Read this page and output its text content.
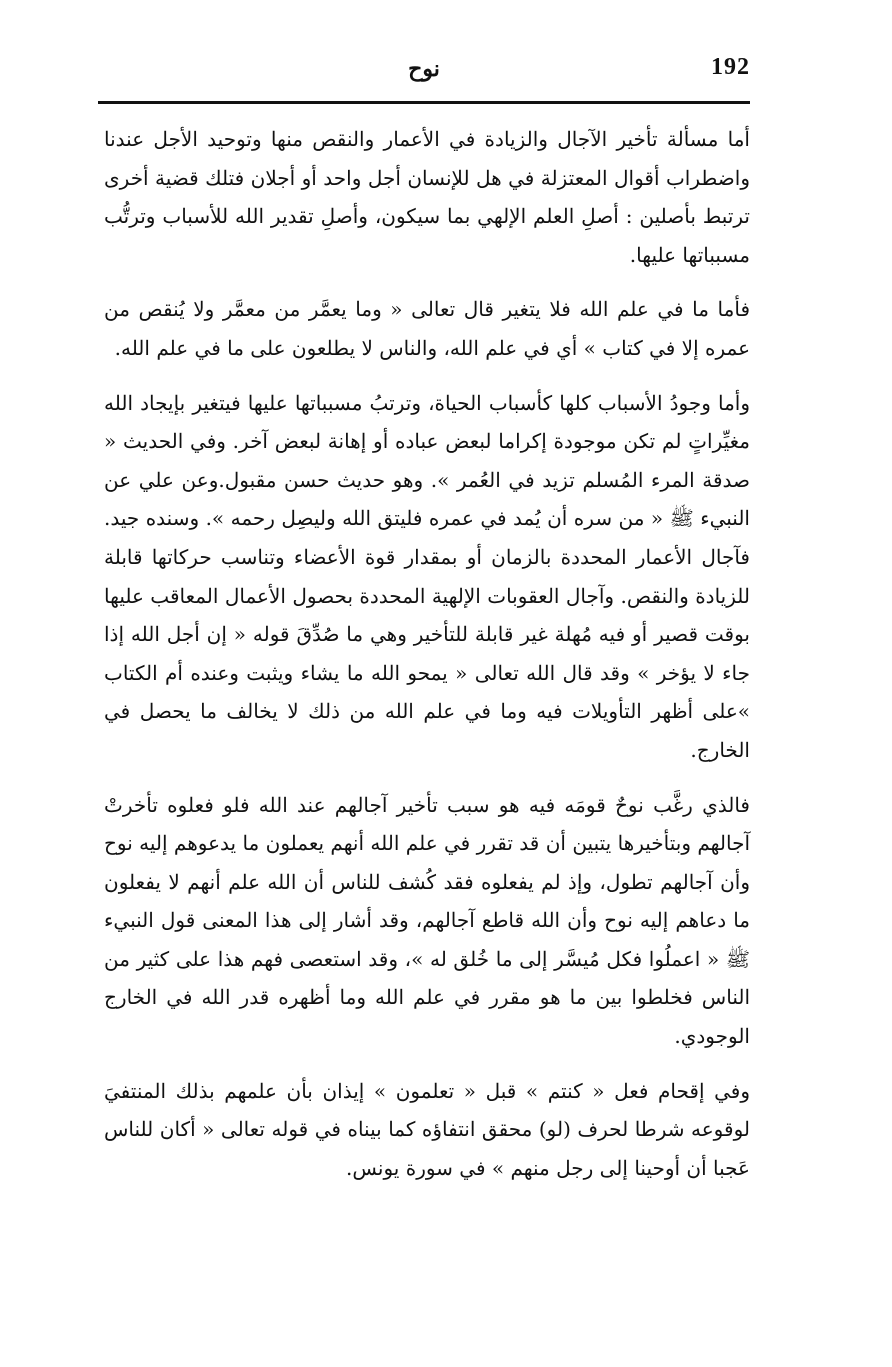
192
نوح

أما مسألة تأخير الآجال والزيادة في الأعمار والنقص منها وتوحيد الأجل عندنا واضطراب أقوال المعتزلة في هل للإنسان أجل واحد أو أجلان فتلك قضية أخرى ترتبط بأصلين : أصلِ العلم الإلهي بما سيكون، وأصلِ تقدير الله للأسباب وترتُّب مسبباتها عليها.

فأما ما في علم الله فلا يتغير قال تعالى « وما يعمَّر من معمَّر ولا يُنقص من عمره إلا في كتاب » أي في علم الله، والناس لا يطلعون على ما في علم الله.

وأما وجودُ الأسباب كلها كأسباب الحياة، وترتبُ مسبباتها عليها فيتغير بإيجاد الله مغيِّراتٍ لم تكن موجودة إكراما لبعض عباده أو إهانة لبعض آخر. وفي الحديث « صدقة المرء المُسلم تزيد في العُمر ». وهو حديث حسن مقبول.وعن علي عن النبيء ﷺ « من سره أن يُمد في عمره فليتق الله وليصِل رحمه ». وسنده جيد. فآجال الأعمار المحددة بالزمان أو بمقدار قوة الأعضاء وتناسب حركاتها قابلة للزيادة والنقص. وآجال العقوبات الإلهية المحددة بحصول الأعمال المعاقب عليها بوقت قصير أو فيه مُهلة غير قابلة للتأخير وهي ما صُدِّقَ قوله « إن أجل الله إذا جاء لا يؤخر » وقد قال الله تعالى « يمحو الله ما يشاء ويثبت وعنده أم الكتاب »على أظهر التأويلات فيه وما في علم الله من ذلك لا يخالف ما يحصل في الخارج.

فالذي رغَّب نوحٌ قومَه فيه هو سبب تأخير آجالهم عند الله فلو فعلوه تأخرتْ آجالهم وبتأخيرها يتبين أن قد تقرر في علم الله أنهم يعملون ما يدعوهم إليه نوح وأن آجالهم تطول، وإذ لم يفعلوه فقد كُشف للناس أن الله علم أنهم لا يفعلون ما دعاهم إليه نوح وأن الله قاطع آجالهم، وقد أشار إلى هذا المعنى قول النبيء ﷺ « اعملُوا فكل مُيسَّر إلى ما خُلق له »، وقد استعصى فهم هذا على كثير من الناس فخلطوا بين ما هو مقرر في علم الله وما أظهره قدر الله في الخارج الوجودي.

وفي إقحام فعل « كنتم » قبل « تعلمون » إيذان بأن علمهم بذلك المنتفيَ لوقوعه شرطا لحرف (لو) محقق انتفاؤه كما بيناه في قوله تعالى « أكان للناس عَجبا أن أوحينا إلى رجل منهم » في سورة يونس.
